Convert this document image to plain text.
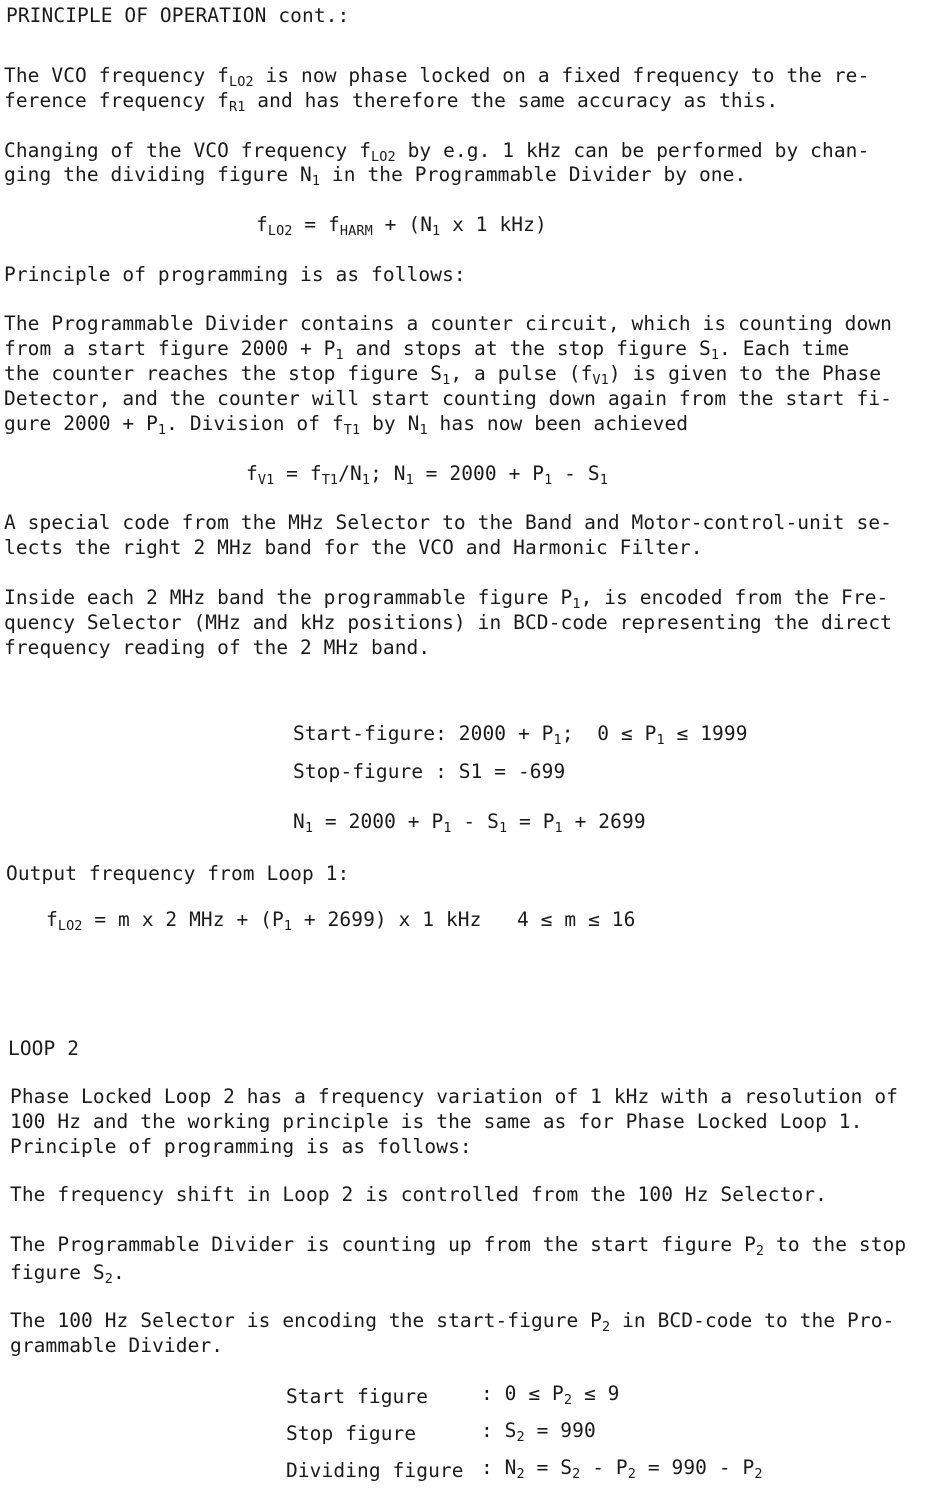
PRINCIPLE OF OPERATION cont.:
The VCO frequency $f_{LO2}$ is now phase locked on a fixed frequency to the re-
ference frequency $f_{R1}$ and has therefore the same accuracy as this.
Changing of the VCO frequency $f_{LO2}$ by e.g. 1 kHz can be performed by chan-
ging the dividing figure $N_1$ in the Programmable Divider by one.
$f_{LO2} = f_{HARM} + (N_1$ x 1 kHz)
Principle of programming is as follows:
The Programmable Divider contains a counter circuit, which is counting down
from a start figure $2000 + P_1$ and stops at the stop figure $S_1$. Each time
the counter reaches the stop figure $S_1$, a pulse $(f_{V1})$ is given to the Phase
Detector, and the counter will start counting down again from the start fi-
gure $2000 + P_1$. Division of $f_{T1}$ by $N_1$ has now been achieved
$f_{V1} = f_{T1}/N_1$; $N_1 = 2000 + P_1 - S_1$
A special code from the MHz Selector to the Band and Motor-control-unit se-
lects the right 2 MHz band for the VCO and Harmonic Filter.
Inside each 2 MHz band the programmable figure $P_1$, is encoded from the Fre-
quency Selector (MHz and kHz positions) in BCD-code representing the direct
frequency reading of the 2 MHz band.
Start-figure: $2000 + P_1$;  $0 \le P_1 \le 1999$
Stop-figure : S1 = -699
$N_1 = 2000 + P_1 - S_1 = P_1 + 2699$
Output frequency from Loop 1:
$f_{LO2} = m$ x 2 MHz + $(P_1 + 2699)$ x 1 kHz   4 ≤ m ≤ 16
LOOP 2
Phase Locked Loop 2 has a frequency variation of 1 kHz with a resolution of
100 Hz and the working principle is the same as for Phase Locked Loop 1.
Principle of programming is as follows:
The frequency shift in Loop 2 is controlled from the 100 Hz Selector.
The Programmable Divider is counting up from the start figure $P_2$ to the stop
figure $S_2$.
The 100 Hz Selector is encoding the start-figure $P_2$ in BCD-code to the Pro-
grammable Divider.
Start figure	: $0 \le P_2 \le 9$
Stop figure	: $S_2 = 990$
Dividing figure : $N_2 = S_2 - P_2 = 990 - P_2$
